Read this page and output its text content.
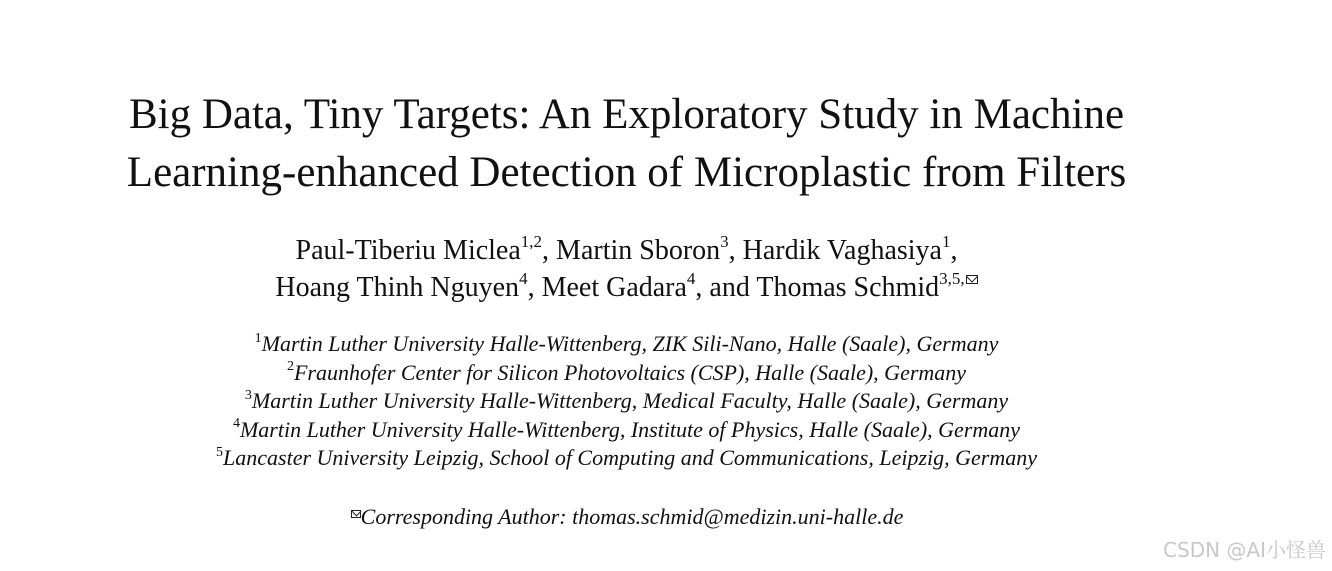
Big Data, Tiny Targets: An Exploratory Study in Machine
Learning-enhanced Detection of Microplastic from Filters
Paul-Tiberiu Miclea$^{1,2}$, Martin Sboron$^3$, Hardik Vaghasiya$^1$,
Hoang Thinh Nguyen$^4$, Meet Gadara$^4$, and Thomas Schmid$^{3,5,}$
$^1$Martin Luther University Halle-Wittenberg, ZIK Sili-Nano, Halle (Saale), Germany
$^2$Fraunhofer Center for Silicon Photovoltaics (CSP), Halle (Saale), Germany
$^3$Martin Luther University Halle-Wittenberg, Medical Faculty, Halle (Saale), Germany
$^4$Martin Luther University Halle-Wittenberg, Institute of Physics, Halle (Saale), Germany
$^5$Lancaster University Leipzig, School of Computing and Communications, Leipzig, Germany
Corresponding Author: thomas.schmid@medizin.uni-halle.de
CSDN @AI小怪兽
